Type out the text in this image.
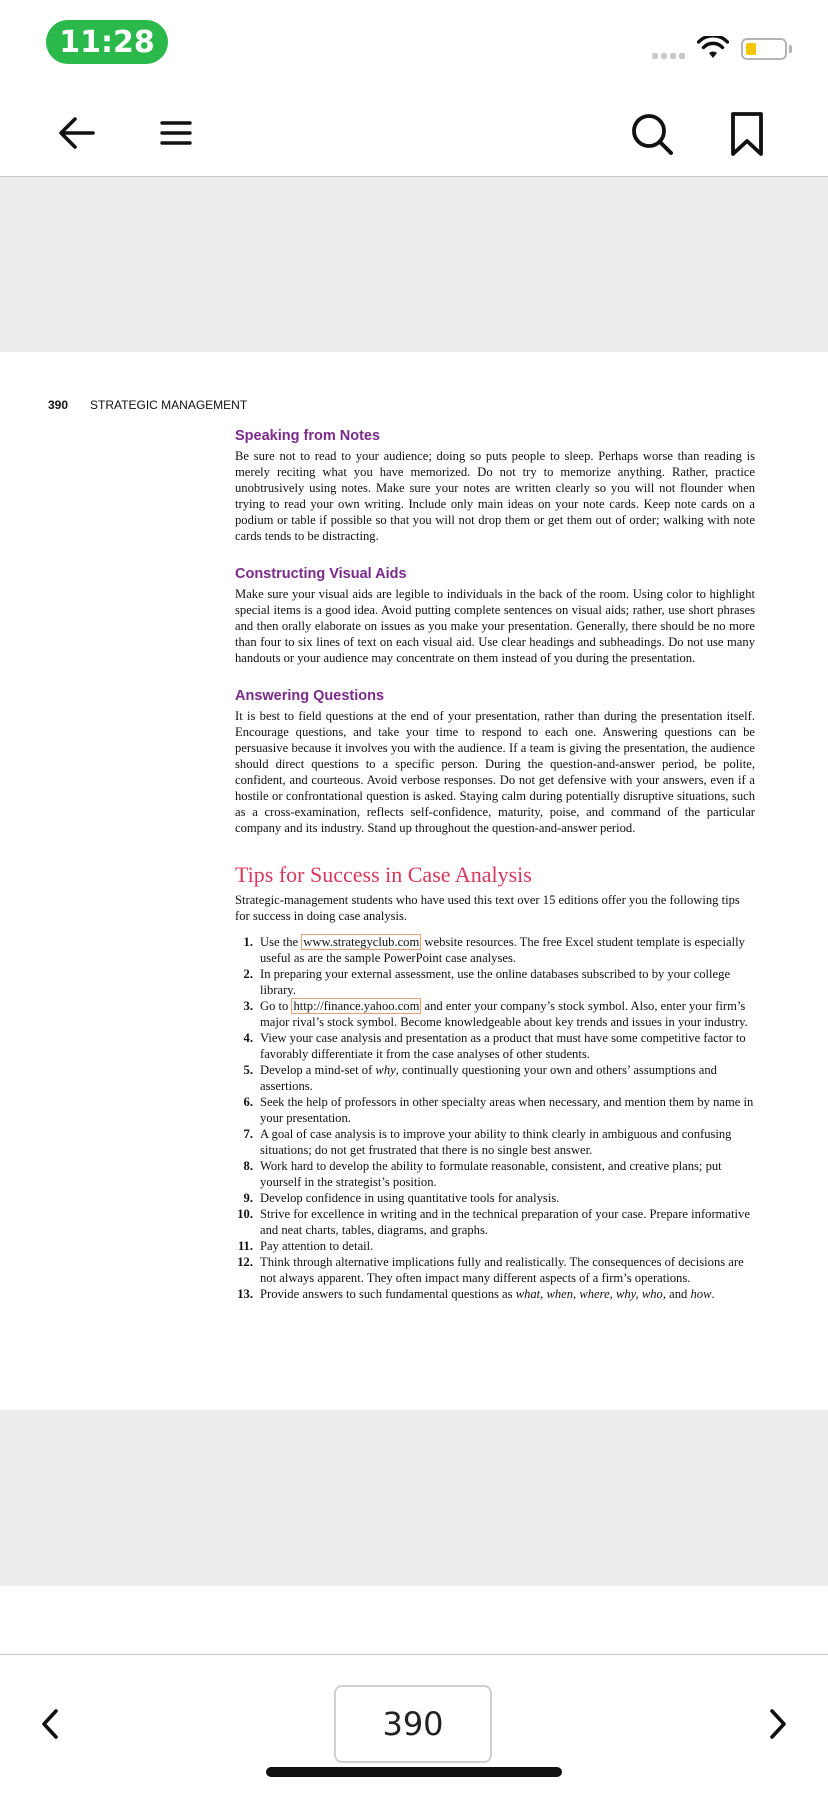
11:28
390 STRATEGIC MANAGEMENT
Speaking from Notes

Be sure not to read to your audience; doing so puts people to sleep. Perhaps worse than reading is merely reciting what you have memorized. Do not try to memorize anything. Rather, practice unobtrusively using notes. Make sure your notes are written clearly so you will not flounder when trying to read your own writing. Include only main ideas on your note cards. Keep note cards on a podium or table if possible so that you will not drop them or get them out of order; walking with note cards tends to be distracting.

Constructing Visual Aids

Make sure your visual aids are legible to individuals in the back of the room. Using color to highlight special items is a good idea. Avoid putting complete sentences on visual aids; rather, use short phrases and then orally elaborate on issues as you make your presentation. Generally, there should be no more than four to six lines of text on each visual aid. Use clear headings and subheadings. Do not use many handouts or your audience may concentrate on them instead of you during the presentation.

Answering Questions

It is best to field questions at the end of your presentation, rather than during the presentation itself. Encourage questions, and take your time to respond to each one. Answering questions can be persuasive because it involves you with the audience. If a team is giving the presentation, the audience should direct questions to a specific person. During the question-and-answer period, be polite, confident, and courteous. Avoid verbose responses. Do not get defensive with your answers, even if a hostile or confrontational question is asked. Staying calm during potentially disruptive situations, such as a cross-examination, reflects self-confidence, maturity, poise, and command of the particular company and its industry. Stand up throughout the question-and-answer period.

Tips for Success in Case Analysis

Strategic-management students who have used this text over 15 editions offer you the following tips for success in doing case analysis.

1. Use the www.strategyclub.com website resources. The free Excel student template is especially useful as are the sample PowerPoint case analyses.
2. In preparing your external assessment, use the online databases subscribed to by your college library.
3. Go to http://finance.yahoo.com and enter your company’s stock symbol. Also, enter your firm’s major rival’s stock symbol. Become knowledgeable about key trends and issues in your industry.
4. View your case analysis and presentation as a product that must have some competitive factor to favorably differentiate it from the case analyses of other students.
5. Develop a mind-set of why, continually questioning your own and others’ assumptions and assertions.
6. Seek the help of professors in other specialty areas when necessary, and mention them by name in your presentation.
7. A goal of case analysis is to improve your ability to think clearly in ambiguous and confusing situations; do not get frustrated that there is no single best answer.
8. Work hard to develop the ability to formulate reasonable, consistent, and creative plans; put yourself in the strategist’s position.
9. Develop confidence in using quantitative tools for analysis.
10. Strive for excellence in writing and in the technical preparation of your case. Prepare informative and neat charts, tables, diagrams, and graphs.
11. Pay attention to detail.
12. Think through alternative implications fully and realistically. The consequences of decisions are not always apparent. They often impact many different aspects of a firm’s operations.
13. Provide answers to such fundamental questions as what, when, where, why, who, and how.
390
